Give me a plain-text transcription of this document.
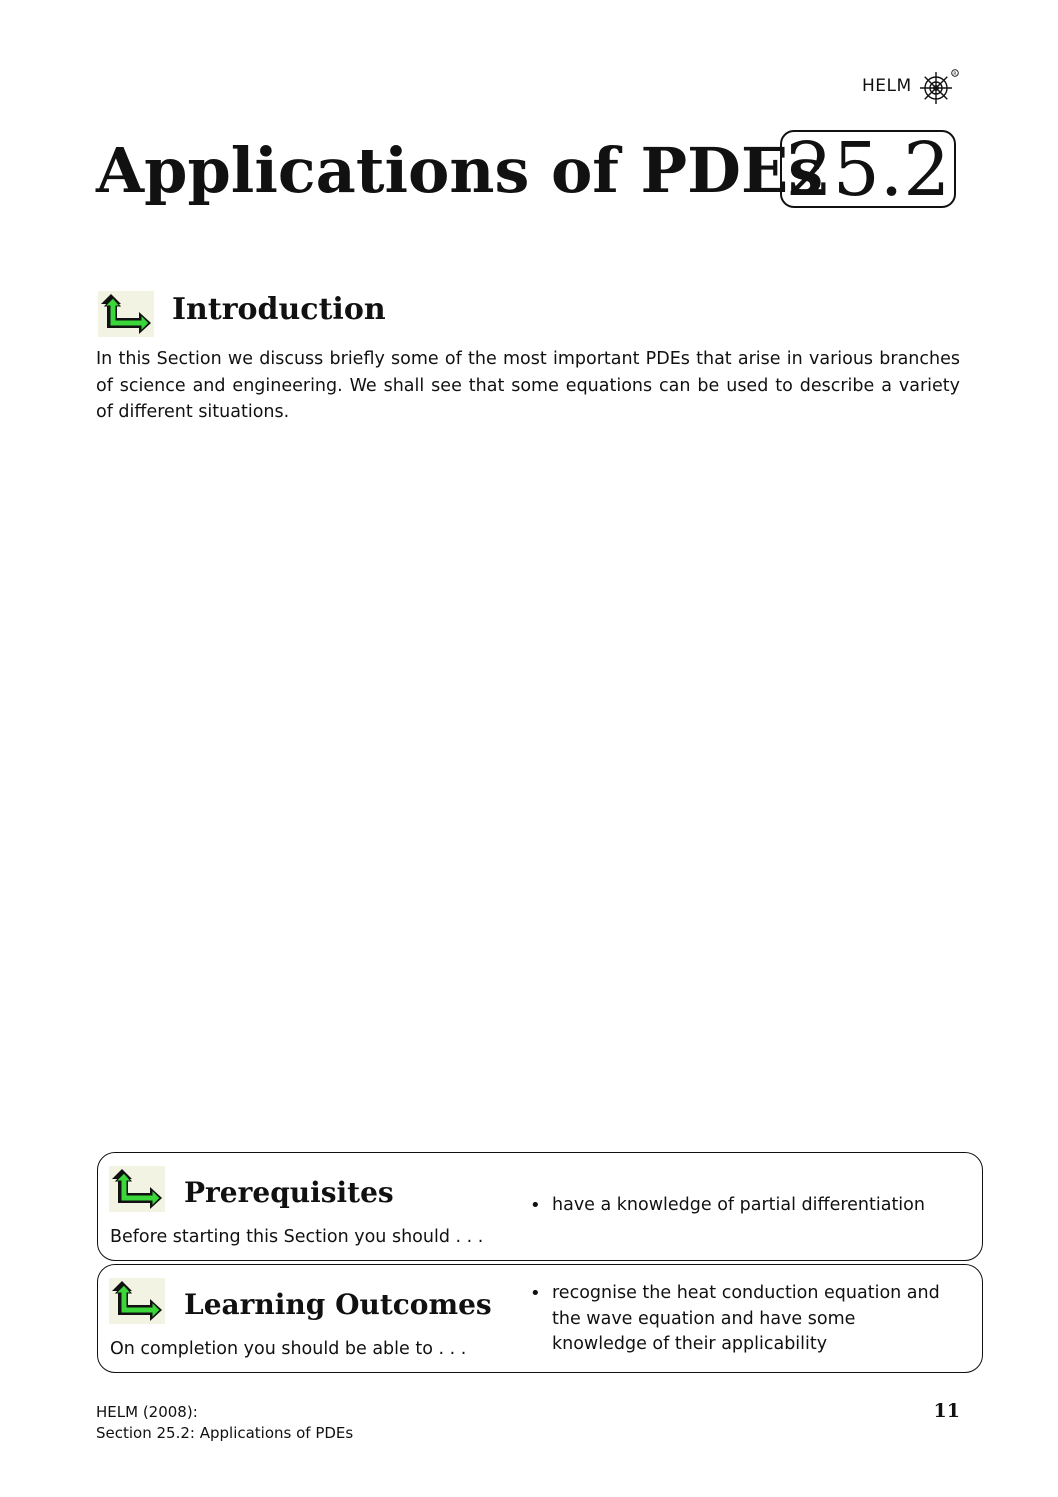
HELM
R
Applications of PDEs
25.2
Introduction

In this Section we discuss briefly some of the most important PDEs that arise in various branches of science and engineering. We shall see that some equations can be used to describe a variety of different situations.

Prerequisites

Before starting this Section you should . . .

• have a knowledge of partial differentiation
Learning Outcomes

On completion you should be able to . . .

• recognise the heat conduction equation and the wave equation and have some knowledge of their applicability
HELM (2008):
Section 25.2: Applications of PDEs
11
